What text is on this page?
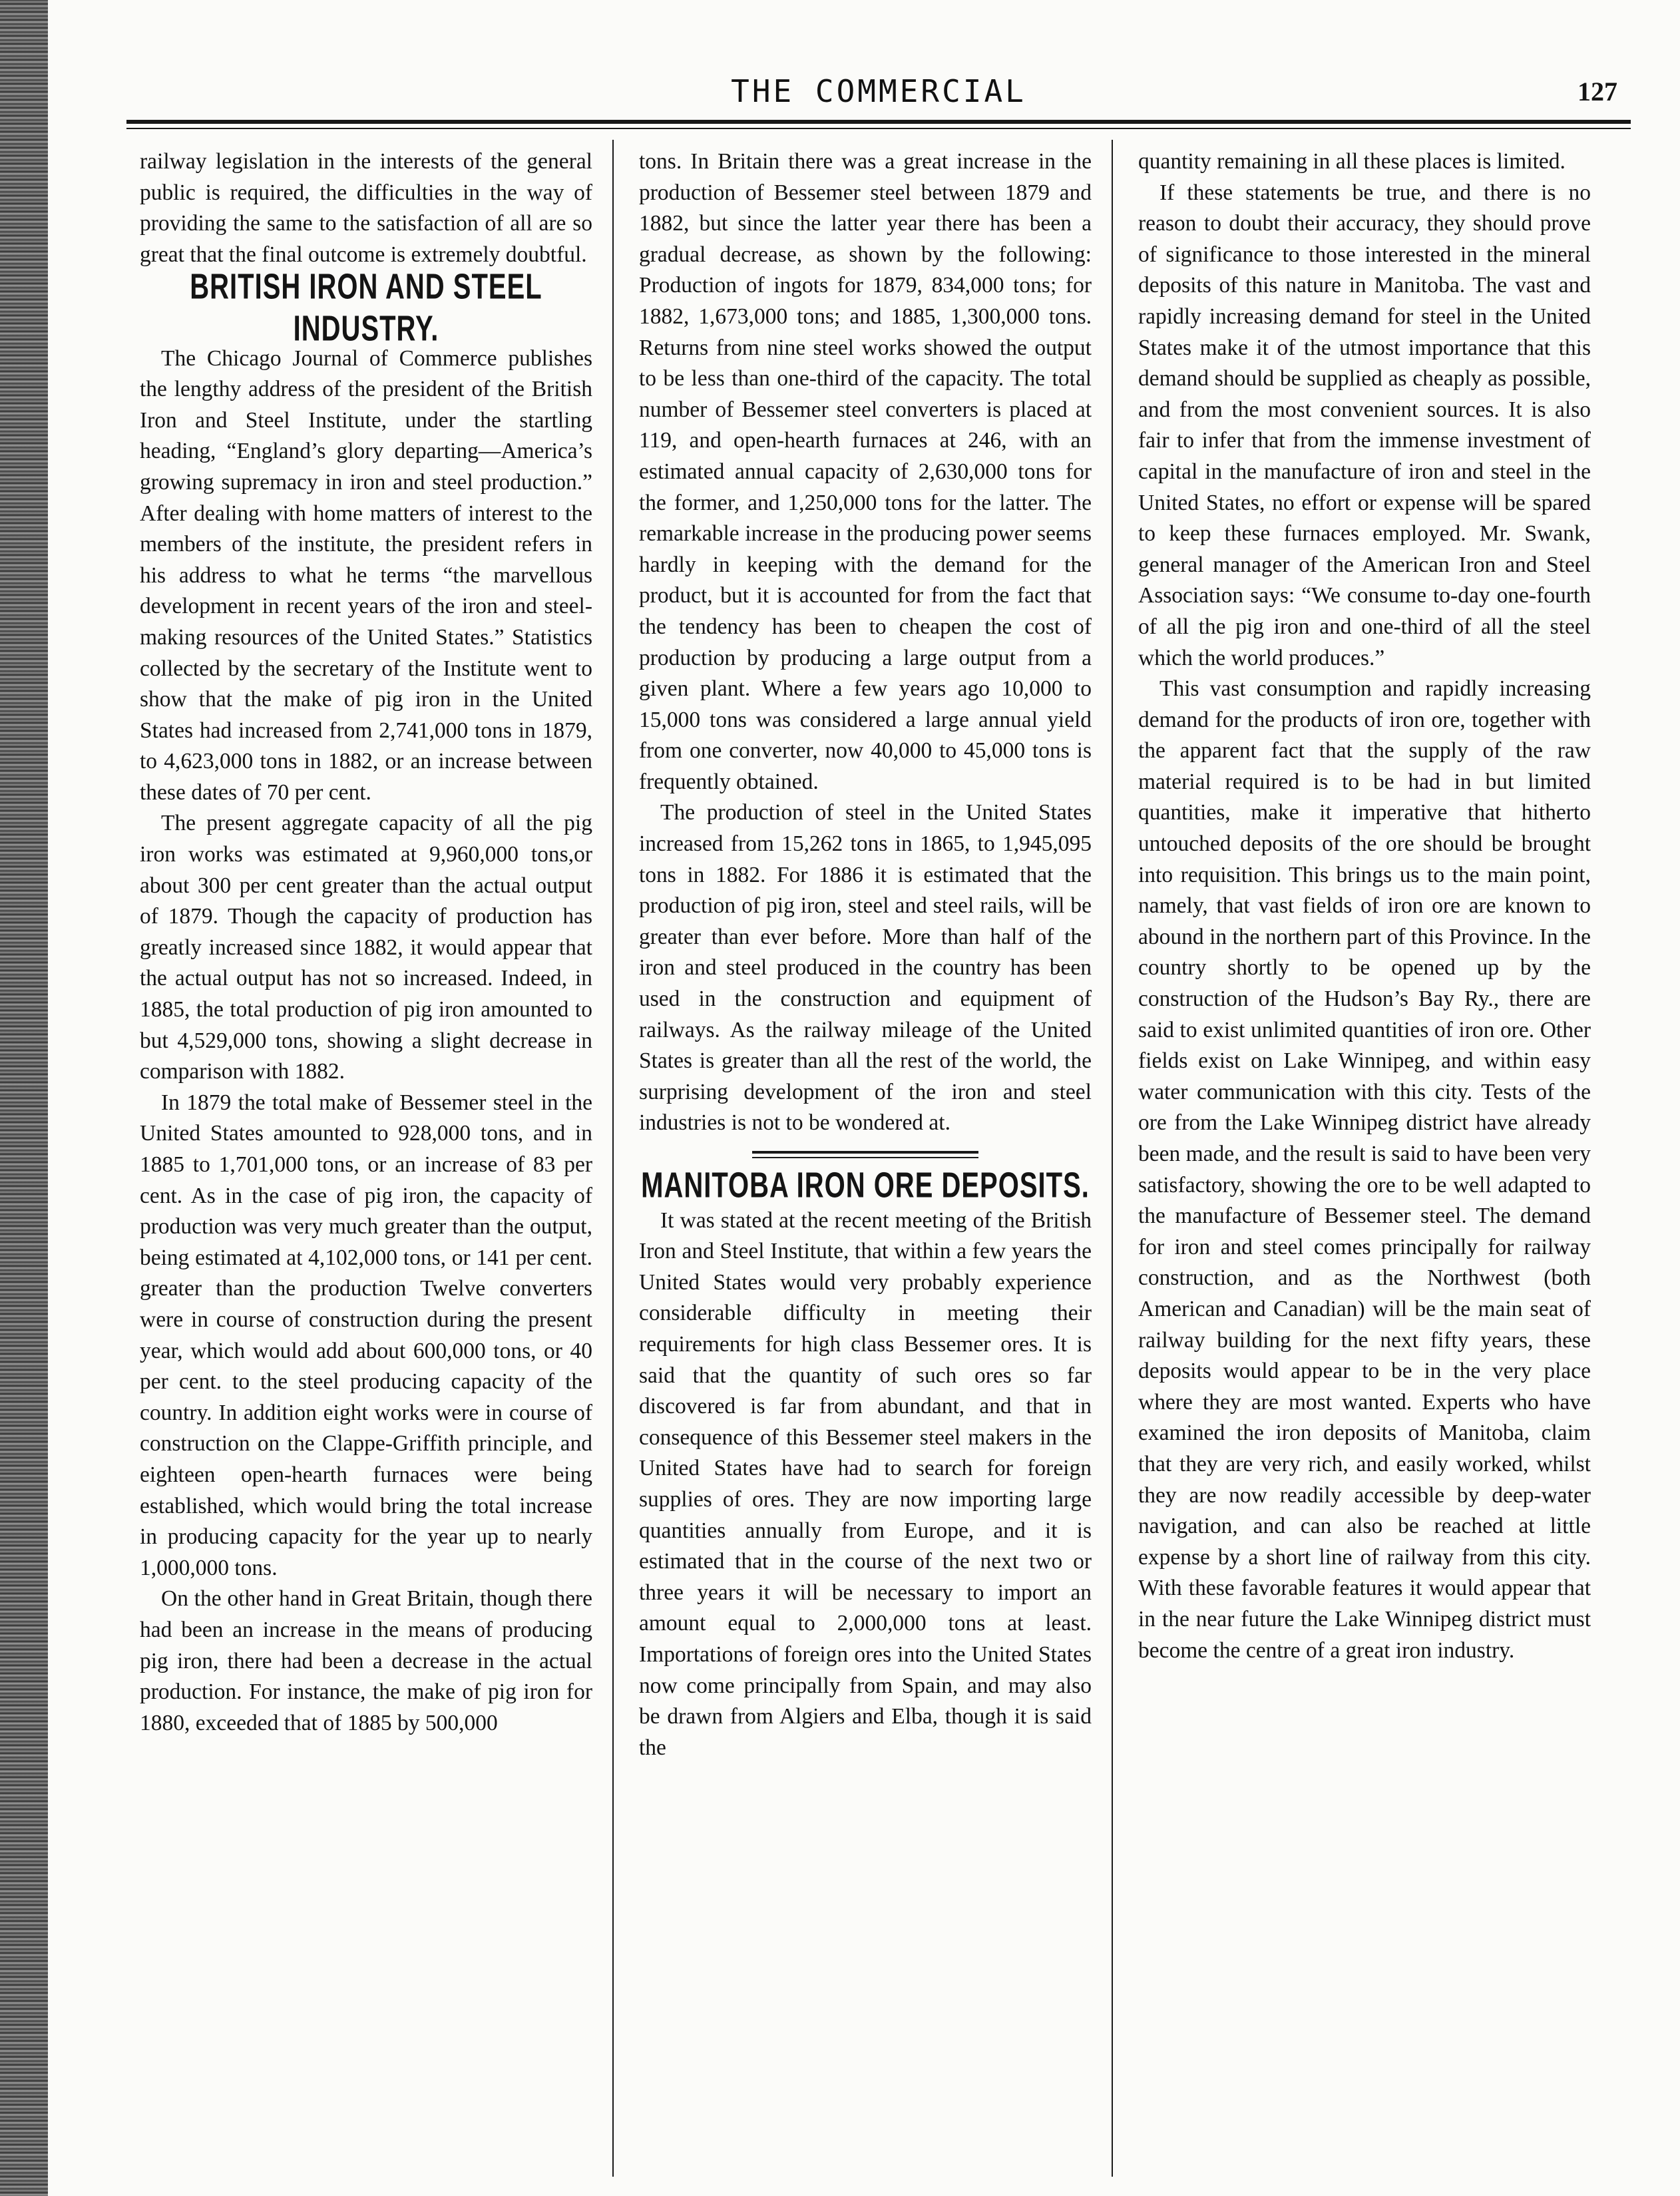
THE COMMERCIAL	127

railway legislation in the interests of the general public is required, the difficulties in the way of providing the same to the satisfaction of all are so great that the final outcome is extremely doubtful.

BRITISH IRON AND STEEL INDUSTRY.

The Chicago Journal of Commerce publishes the lengthy address of the president of the British Iron and Steel Institute, under the startling heading, “England’s glory departing—America’s growing supremacy in iron and steel production.” After dealing with home matters of interest to the members of the institute, the president refers in his address to what he terms “the marvellous development in recent years of the iron and steel-making resources of the United States.” Statistics collected by the secretary of the Institute went to show that the make of pig iron in the United States had increased from 2,741,000 tons in 1879, to 4,623,000 tons in 1882, or an increase between these dates of 70 per cent.

The present aggregate capacity of all the pig iron works was estimated at 9,960,000 tons,or about 300 per cent greater than the actual output of 1879. Though the capacity of production has greatly increased since 1882, it would appear that the actual output has not so increased. Indeed, in 1885, the total production of pig iron amounted to but 4,529,000 tons, showing a slight decrease in comparison with 1882.

In 1879 the total make of Bessemer steel in the United States amounted to 928,000 tons, and in 1885 to 1,701,000 tons, or an increase of 83 per cent. As in the case of pig iron, the capacity of production was very much greater than the output, being estimated at 4,102,000 tons, or 141 per cent. greater than the production Twelve converters were in course of construction during the present year, which would add about 600,000 tons, or 40 per cent. to the steel producing capacity of the country. In addition eight works were in course of construction on the Clappe-Griffith principle, and eighteen open-hearth furnaces were being established, which would bring the total increase in producing capacity for the year up to nearly 1,000,000 tons.

On the other hand in Great Britain, though there had been an increase in the means of producing pig iron, there had been a decrease in the actual production. For instance, the make of pig iron for 1880, exceeded that of 1885 by 500,000

tons. In Britain there was a great increase in the production of Bessemer steel between 1879 and 1882, but since the latter year there has been a gradual decrease, as shown by the following: Production of ingots for 1879, 834,000 tons; for 1882, 1,673,000 tons; and 1885, 1,300,000 tons. Returns from nine steel works showed the output to be less than one-third of the capacity. The total number of Bessemer steel converters is placed at 119, and open-hearth furnaces at 246, with an estimated annual capacity of 2,630,000 tons for the former, and 1,250,000 tons for the latter. The remarkable increase in the producing power seems hardly in keeping with the demand for the product, but it is accounted for from the fact that the tendency has been to cheapen the cost of production by producing a large output from a given plant. Where a few years ago 10,000 to 15,000 tons was considered a large annual yield from one converter, now 40,000 to 45,000 tons is frequently obtained.

The production of steel in the United States increased from 15,262 tons in 1865, to 1,945,095 tons in 1882. For 1886 it is estimated that the production of pig iron, steel and steel rails, will be greater than ever before. More than half of the iron and steel produced in the country has been used in the construction and equipment of railways. As the railway mileage of the United States is greater than all the rest of the world, the surprising development of the iron and steel industries is not to be wondered at.

MANITOBA IRON ORE DEPOSITS.

It was stated at the recent meeting of the British Iron and Steel Institute, that within a few years the United States would very probably experience considerable difficulty in meeting their requirements for high class Bessemer ores. It is said that the quantity of such ores so far discovered is far from abundant, and that in consequence of this Bessemer steel makers in the United States have had to search for foreign supplies of ores. They are now importing large quantities annually from Europe, and it is estimated that in the course of the next two or three years it will be necessary to import an amount equal to 2,000,000 tons at least. Importations of foreign ores into the United States now come principally from Spain, and may also be drawn from Algiers and Elba, though it is said the

quantity remaining in all these places is limited.

If these statements be true, and there is no reason to doubt their accuracy, they should prove of significance to those interested in the mineral deposits of this nature in Manitoba. The vast and rapidly increasing demand for steel in the United States make it of the utmost importance that this demand should be supplied as cheaply as possible, and from the most convenient sources. It is also fair to infer that from the immense investment of capital in the manufacture of iron and steel in the United States, no effort or expense will be spared to keep these furnaces employed. Mr. Swank, general manager of the American Iron and Steel Association says: “We consume to-day one-fourth of all the pig iron and one-third of all the steel which the world produces.”

This vast consumption and rapidly increasing demand for the products of iron ore, together with the apparent fact that the supply of the raw material required is to be had in but limited quantities, make it imperative that hitherto untouched deposits of the ore should be brought into requisition. This brings us to the main point, namely, that vast fields of iron ore are known to abound in the northern part of this Province. In the country shortly to be opened up by the construction of the Hudson’s Bay Ry., there are said to exist unlimited quantities of iron ore. Other fields exist on Lake Winnipeg, and within easy water communication with this city. Tests of the ore from the Lake Winnipeg district have already been made, and the result is said to have been very satisfactory, showing the ore to be well adapted to the manufacture of Bessemer steel. The demand for iron and steel comes principally for railway construction, and as the Northwest (both American and Canadian) will be the main seat of railway building for the next fifty years, these deposits would appear to be in the very place where they are most wanted. Experts who have examined the iron deposits of Manitoba, claim that they are very rich, and easily worked, whilst they are now readily accessible by deep-water navigation, and can also be reached at little expense by a short line of railway from this city. With these favorable features it would appear that in the near future the Lake Winnipeg district must become the centre of a great iron industry.
